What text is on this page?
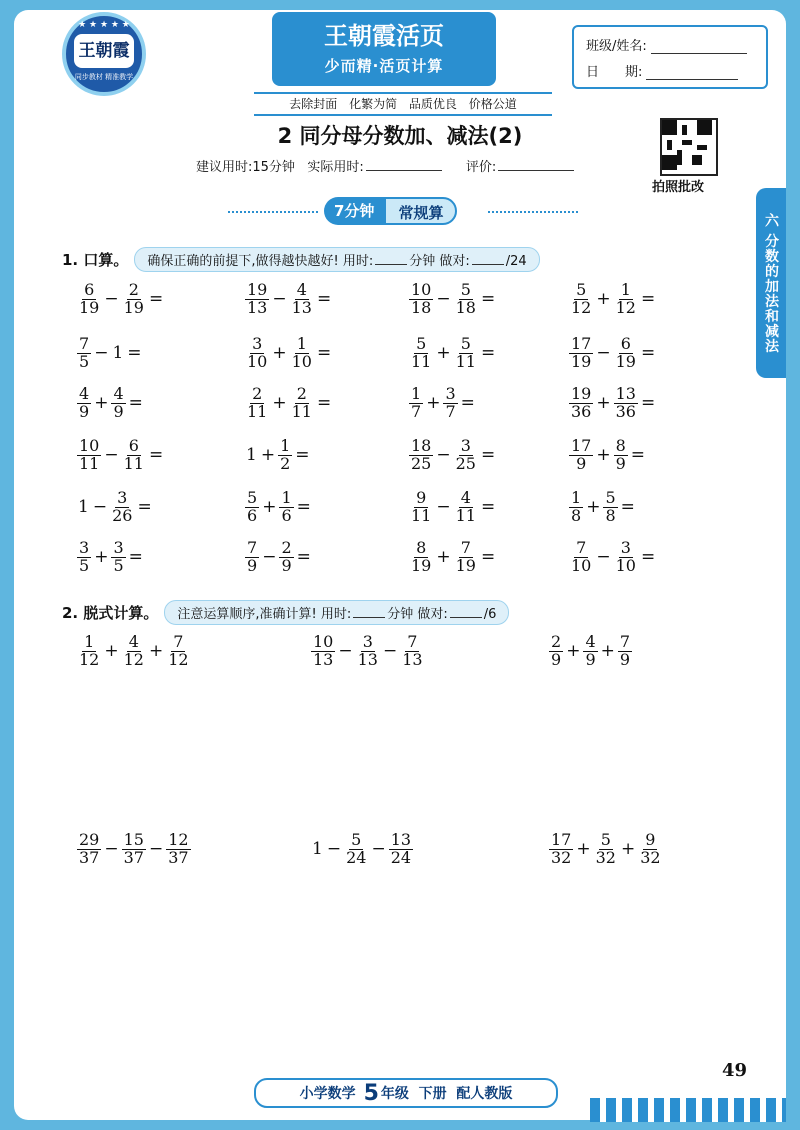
★ ★ ★ ★ ★
王朝霞
同步教材 精准教学
王朝霞活页
少而精·活页计算
去除封面 化繁为简 品质优良 价格公道
班级/姓名:
日　　期:
2 同分母分数加、减法(2)
建议用时:15分钟 实际用时:	评价:
拍照批改
六 分数的加法和减法
7分钟	常规算
1. 口算。	确保正确的前提下,做得越快越好! 用时:	分钟 做对:	/24
2. 脱式计算。	注意运算顺序,准确计算! 用时:	分钟 做对:	/6
$\frac{6}{19} - \frac{2}{19}$ =	$\frac{19}{13} - \frac{4}{13}$ =	$\frac{10}{18} - \frac{5}{18}$ =	$\frac{5}{12} + \frac{1}{12}$ =
$\frac{7}{5} - 1$ =	$\frac{3}{10} + \frac{1}{10}$ =	$\frac{5}{11} + \frac{5}{11}$ =	$\frac{17}{19} - \frac{6}{19}$ =
$\frac{4}{9} + \frac{4}{9}$ =	$\frac{2}{11} + \frac{2}{11}$ =	$\frac{1}{7} + \frac{3}{7}$ =	$\frac{19}{36} + \frac{13}{36}$ =
$\frac{10}{11} - \frac{6}{11}$ =	$1 + \frac{1}{2}$ =	$\frac{18}{25} - \frac{3}{25}$ =	$\frac{17}{9} + \frac{8}{9}$ =
$1 - \frac{3}{26}$ =	$\frac{5}{6} + \frac{1}{6}$ =	$\frac{9}{11} - \frac{4}{11}$ =	$\frac{1}{8} + \frac{5}{8}$ =
$\frac{3}{5} + \frac{3}{5}$ =	$\frac{7}{9} - \frac{2}{9}$ =	$\frac{8}{19} + \frac{7}{19}$ =	$\frac{7}{10} - \frac{3}{10}$ =
$\frac{1}{12} + \frac{4}{12} + \frac{7}{12}$	$\frac{10}{13} - \frac{3}{13} - \frac{7}{13}$	$\frac{2}{9} + \frac{4}{9} + \frac{7}{9}$
$\frac{29}{37} - \frac{15}{37} - \frac{12}{37}$	$1 - \frac{5}{24} - \frac{13}{24}$	$\frac{17}{32} + \frac{5}{32} + \frac{9}{32}$
49
小学数学 5 年级
下册
配人教版
